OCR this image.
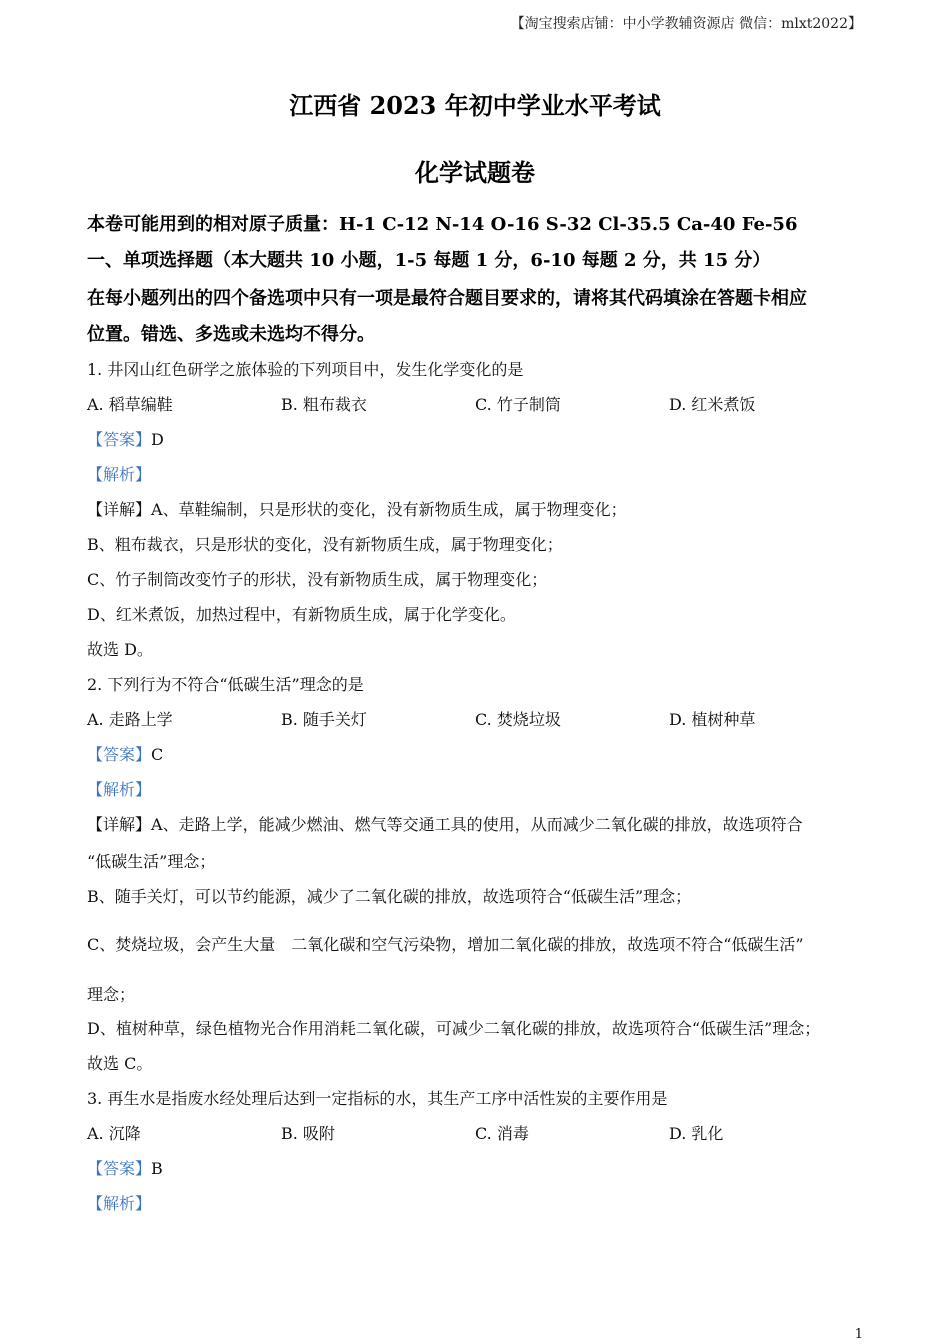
【淘宝搜索店铺：中小学教辅资源店 微信：mlxt2022】
江西省 2023 年初中学业水平考试
化学试题卷
本卷可能用到的相对原子质量：H-1 C-12 N-14 O-16 S-32 Cl-35.5 Ca-40 Fe-56
一、单项选择题（本大题共 10 小题，1-5 每题 1 分，6-10 每题 2 分，共 15 分）
在每小题列出的四个备选项中只有一项是最符合题目要求的，请将其代码填涂在答题卡相应
位置。错选、多选或未选均不得分。
1. 井冈山红色研学之旅体验的下列项目中，发生化学变化的是
A. 稻草编鞋	B. 粗布裁衣	C. 竹子制筒	D. 红米煮饭
【答案】D
【解析】
【详解】A、草鞋编制，只是形状的变化，没有新物质生成，属于物理变化；
B、粗布裁衣，只是形状的变化，没有新物质生成，属于物理变化；
C、竹子制筒改变竹子的形状，没有新物质生成，属于物理变化；
D、红米煮饭，加热过程中，有新物质生成，属于化学变化。
故选 D。
2. 下列行为不符合“低碳生活”理念的是
A. 走路上学	B. 随手关灯	C. 焚烧垃圾	D. 植树种草
【答案】C
【解析】
【详解】A、走路上学，能减少燃油、燃气等交通工具的使用，从而减少二氧化碳的排放，故选项符合
“低碳生活”理念；
B、随手关灯，可以节约能源，减少了二氧化碳的排放，故选项符合“低碳生活”理念；
C、焚烧垃圾，会产生大量　二氧化碳和空气污染物，增加二氧化碳的排放，故选项不符合“低碳生活”
理念；
D、植树种草，绿色植物光合作用消耗二氧化碳，可减少二氧化碳的排放，故选项符合“低碳生活”理念；
故选 C。
3. 再生水是指废水经处理后达到一定指标的水，其生产工序中活性炭的主要作用是
A. 沉降	B. 吸附	C. 消毒	D. 乳化
【答案】B
【解析】
1
